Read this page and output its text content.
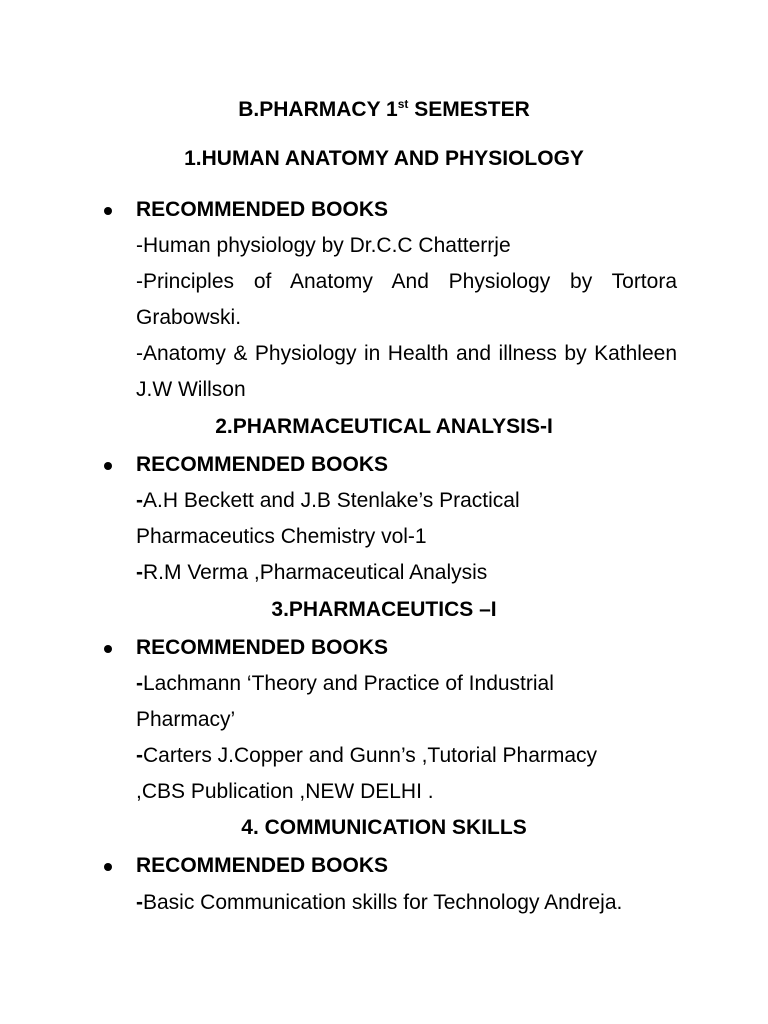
B.PHARMACY 1st SEMESTER
1.HUMAN ANATOMY AND PHYSIOLOGY
RECOMMENDED BOOKS
-Human physiology by Dr.C.C Chatterrje
-Principles of Anatomy And Physiology by Tortora Grabowski.
-Anatomy & Physiology in Health and illness by Kathleen J.W Willson
2.PHARMACEUTICAL ANALYSIS-I
RECOMMENDED BOOKS
-A.H Beckett and J.B Stenlake’s Practical Pharmaceutics Chemistry vol-1
-R.M Verma ,Pharmaceutical Analysis
3.PHARMACEUTICS –I
RECOMMENDED BOOKS
-Lachmann ‘Theory and Practice of Industrial Pharmacy’
-Carters J.Copper and Gunn’s ,Tutorial Pharmacy ,CBS Publication ,NEW DELHI .
4. COMMUNICATION SKILLS
RECOMMENDED BOOKS
-Basic Communication skills for Technology Andreja.
